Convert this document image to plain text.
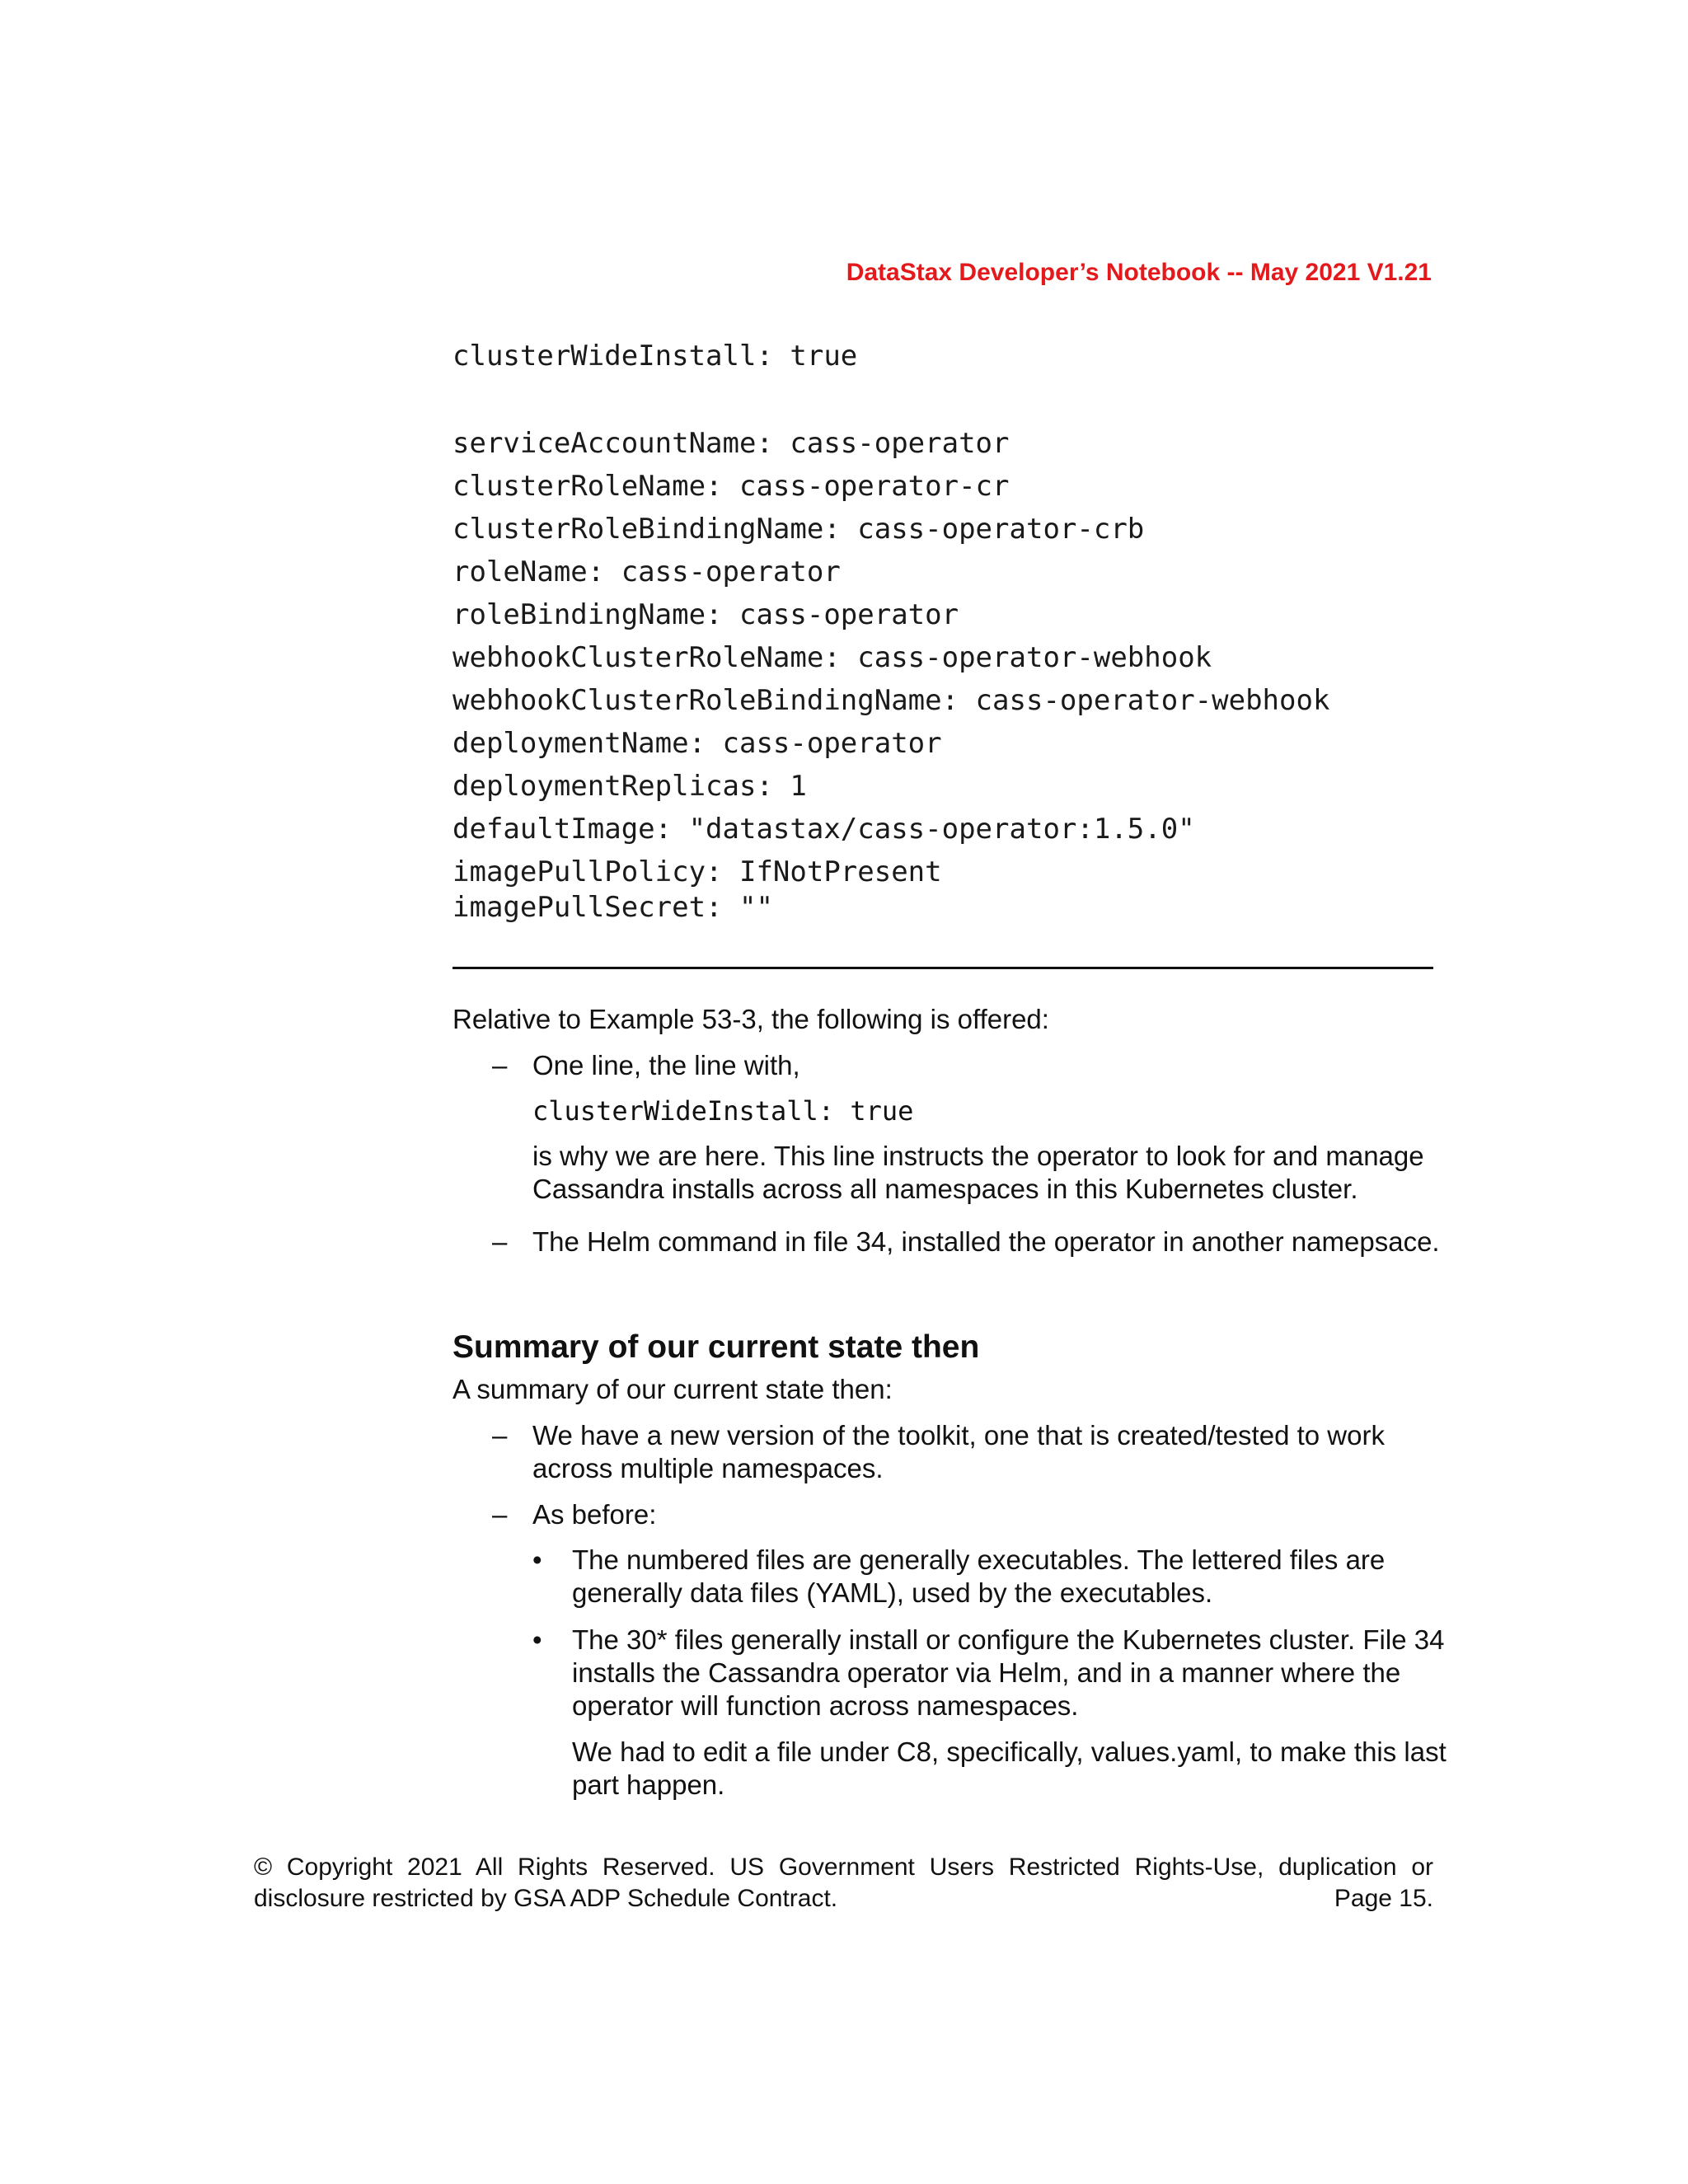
DataStax Developer’s Notebook -- May 2021 V1.21
clusterWideInstall: true
serviceAccountName: cass-operator
clusterRoleName: cass-operator-cr
clusterRoleBindingName: cass-operator-crb
roleName: cass-operator
roleBindingName: cass-operator
webhookClusterRoleName: cass-operator-webhook
webhookClusterRoleBindingName: cass-operator-webhook
deploymentName: cass-operator
deploymentReplicas: 1
defaultImage: "datastax/cass-operator:1.5.0"
imagePullPolicy: IfNotPresent
imagePullSecret: ""
Relative to Example 53-3, the following is offered:
– One line, the line with,
clusterWideInstall: true
is why we are here. This line instructs the operator to look for and manage Cassandra installs across all namespaces in this Kubernetes cluster.
– The Helm command in file 34, installed the operator in another namepsace.
Summary of our current state then
A summary of our current state then:
– We have a new version of the toolkit, one that is created/tested to work across multiple namespaces.
– As before:
• The numbered files are generally executables. The lettered files are generally data files (YAML), used by the executables.
• The 30* files generally install or configure the Kubernetes cluster. File 34 installs the Cassandra operator via Helm, and in a manner where the operator will function across namespaces.
We had to edit a file under C8, specifically, values.yaml, to make this last part happen.
© Copyright 2021 All Rights Reserved. US Government Users Restricted Rights-Use, duplication or
disclosure restricted by GSA ADP Schedule Contract.	Page 15.
